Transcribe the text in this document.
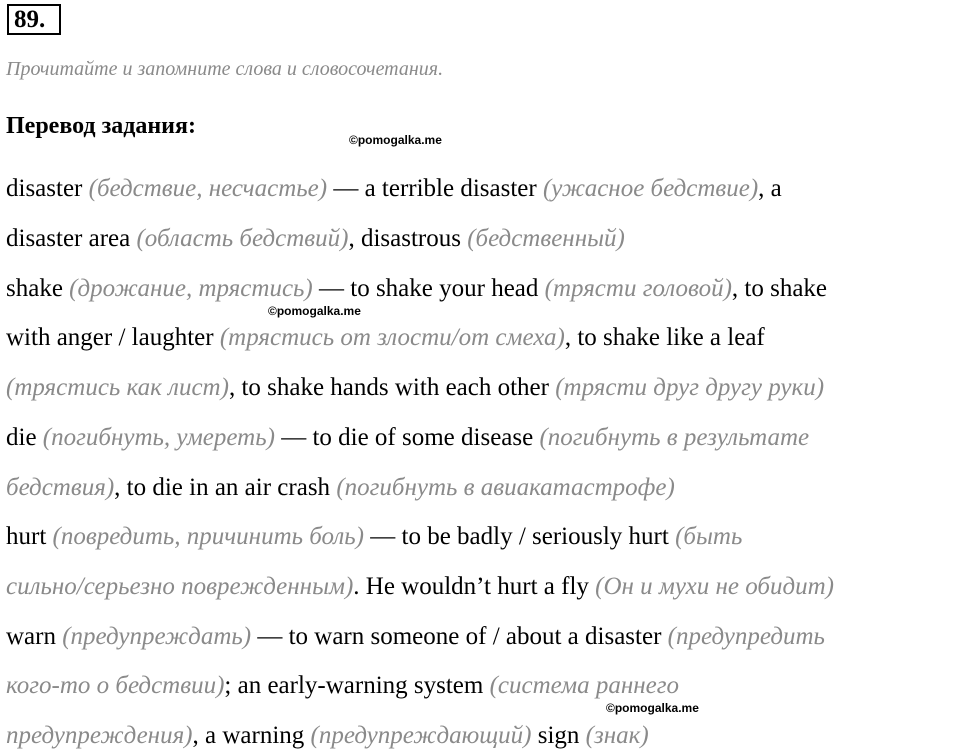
89.
Прочитайте и запомните слова и словосочетания.
Перевод задания:
©pomogalka.me
©pomogalka.me
©pomogalka.me
disaster (бедствие, несчастье) — a terrible disaster (ужасное бедствие), a
disaster area (область бедствий), disastrous (бедственный)
shake (дрожание, трястись) — to shake your head (трясти головой), to shake
with anger / laughter (трястись от злости/от смеха), to shake like a leaf
(трястись как лист), to shake hands with each other (трясти друг другу руки)
die (погибнуть, умереть) — to die of some disease (погибнуть в результате
бедствия), to die in an air crash (погибнуть в авиакатастрофе)
hurt (повредить, причинить боль) — to be badly / seriously hurt (быть
сильно/серьезно поврежденным). He wouldn’t hurt a fly (Он и мухи не обидит)
warn (предупреждать) — to warn someone of / about a disaster (предупредить
кого-то о бедствии); an early-warning system (система раннего
предупреждения), a warning (предупреждающий) sign (знак)
